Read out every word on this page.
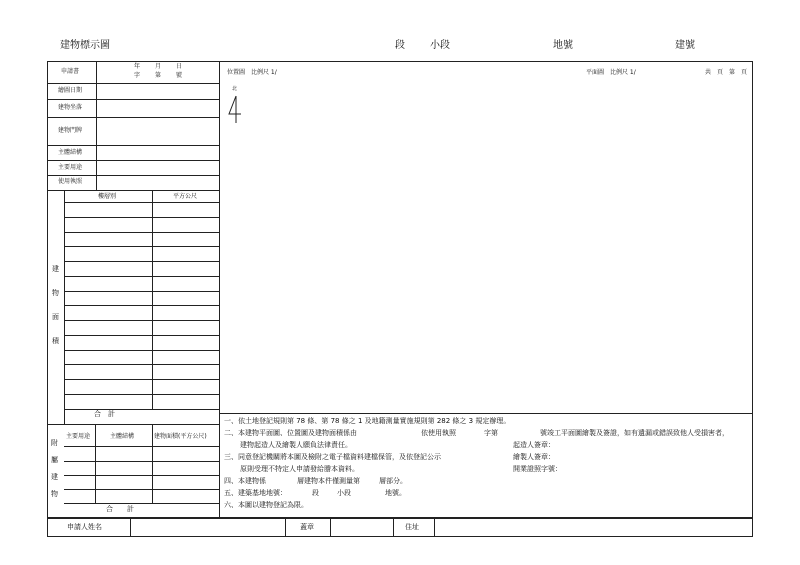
建物標示圖	段	小段	地號	建號
申請書
年 月 日
字 第 號
繪圖日期
建物坐落
建物門牌
主體結構
主要用途
使用執照
樓層別	平方公尺
合　計
建
物
面
積
主要用途	主體結構	建物面積(平方公尺)
合　　計
附
屬
建
物
位置圖　比例尺 1/	平面圖　比例尺 1/	共　頁　第　頁
北
一、依土地登記規則第 78 條、第 78 條之 1 及地籍測量實施規則第 282 條之 3 規定辦理。
二、本建物平面圖、位置圖及建物面積係由	依使用執照	字第	號竣工平面圖繪製及簽證，如有遺漏或錯誤致他人受損害者，
建物起造人及繪製人願負法律責任。	起造人簽章：
三、同意登記機關將本圖及檢附之電子檔資料建檔保管，及依登記公示	繪製人簽章：
原則受理不特定人申請發給謄本資料。	開業證照字號：
四、本建物係	層建物本件僅測量第	層部分。
五、建築基地地號：	段	小段	地號。
六、本圖以建物登記為限。
申請人姓名	蓋章	住址
